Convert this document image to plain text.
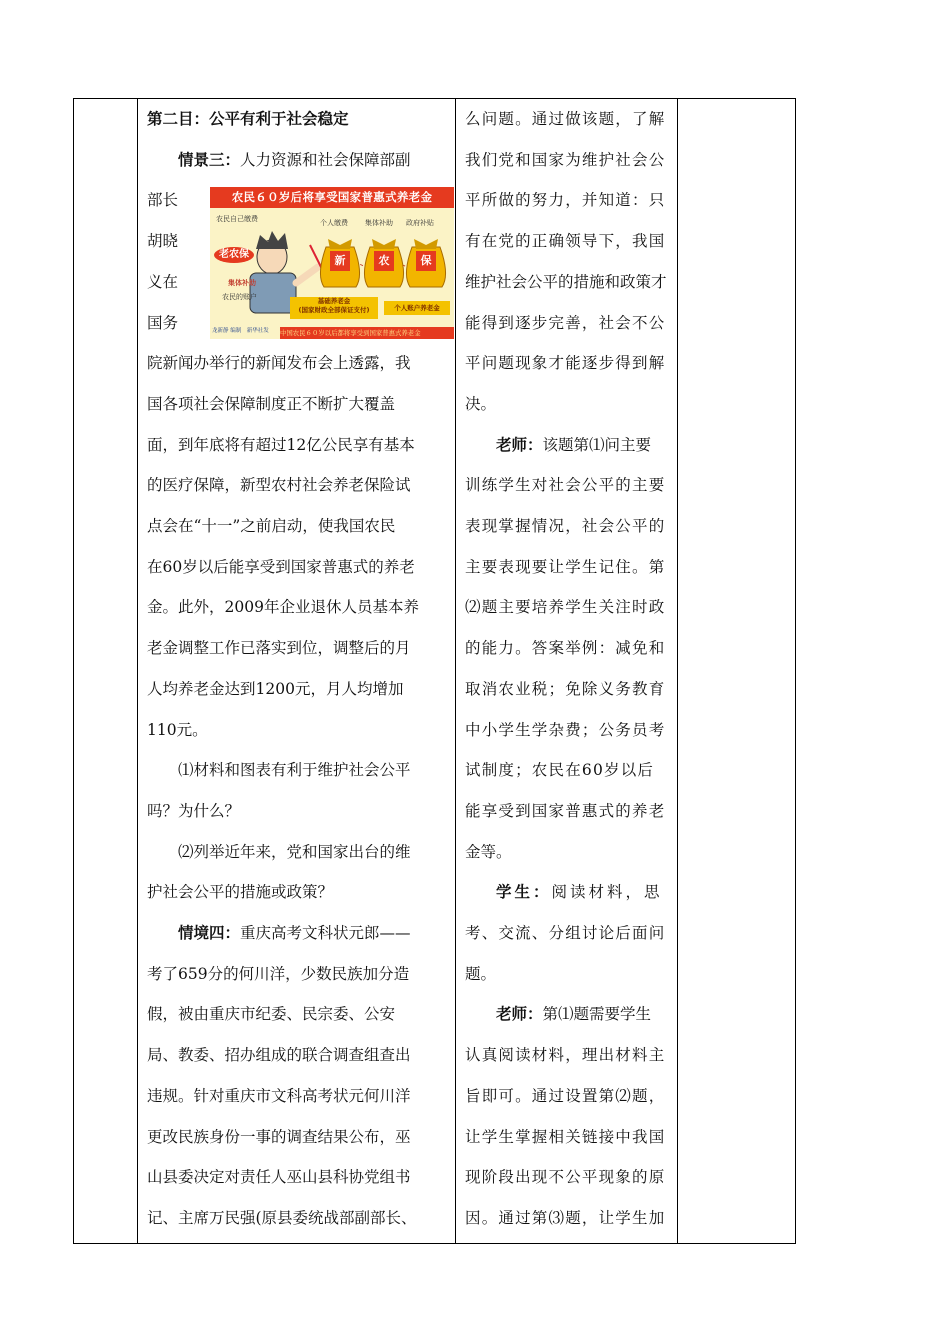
第二目：公平有利于社会稳定

情景三：人力资源和社会保障部副

部长

胡晓

义在

国务

院新闻办举行的新闻发布会上透露，我

国各项社会保障制度正不断扩大覆盖

面，到年底将有超过12亿公民享有基本

的医疗保障，新型农村社会养老保险试

点会在“十一”之前启动，使我国农民

在60岁以后能享受到国家普惠式的养老

金。此外，2009年企业退休人员基本养

老金调整工作已落实到位，调整后的月

人均养老金达到1200元，月人均增加

110元。

⑴材料和图表有利于维护社会公平

吗？为什么？

⑵列举近年来，党和国家出台的维

护社会公平的措施或政策？

情境四：重庆高考文科状元郎——

考了659分的何川洋，少数民族加分造

假，被由重庆市纪委、民宗委、公安

局、教委、招办组成的联合调查组查出

违规。针对重庆市文科高考状元何川洋

更改民族身份一事的调查结果公布，巫

山县委决定对责任人巫山县科协党组书

记、主席万民强(原县委统战部副部长、

农民６０岁后将享受国家普惠式养老金
农民自己缴费
老农保
集体补助
农民的账户
个人缴费 集体补助 政府补贴
新	农	保
基础养老金
(国家财政全部保证支付)	个人账户养老金
龙新静 编制　新华社发 中国农民６０岁以后都将享受到国家普惠式养老金

么问题。通过做该题，了解

我们党和国家为维护社会公

平所做的努力，并知道：只

有在党的正确领导下，我国

维护社会公平的措施和政策才

能得到逐步完善，社会不公

平问题现象才能逐步得到解

决。

老师：该题第⑴问主要

训练学生对社会公平的主要

表现掌握情况，社会公平的

主要表现要让学生记住。第

⑵题主要培养学生关注时政

的能力。答案举例：减免和

取消农业税；免除义务教育

中小学生学杂费；公务员考

试制度；农民在60岁以后

能享受到国家普惠式的养老

金等。

学生：阅读材料，思

考、交流、分组讨论后面问

题。

老师：第⑴题需要学生

认真阅读材料，理出材料主

旨即可。通过设置第⑵题，

让学生掌握相关链接中我国

现阶段出现不公平现象的原

因。通过第⑶题，让学生加
